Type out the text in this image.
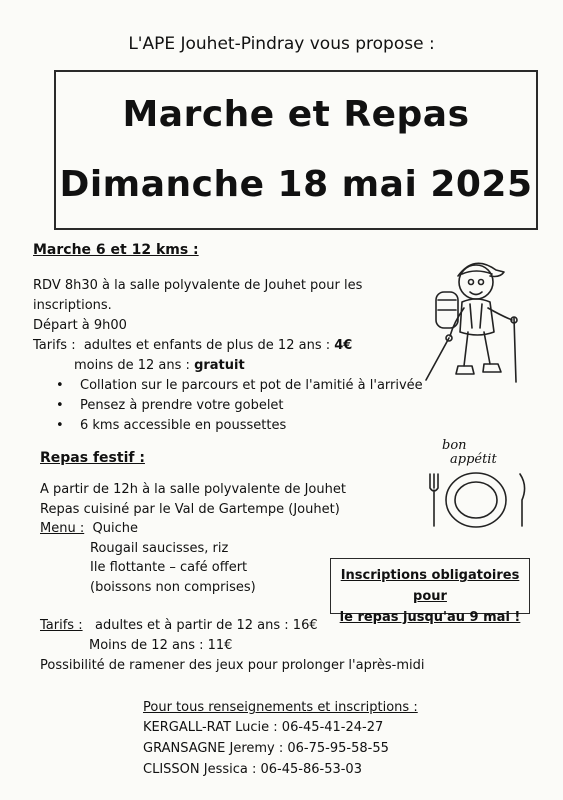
L'APE Jouhet-Pindray vous propose :

Marche et Repas

Dimanche 18 mai 2025

Marche 6 et 12 kms :

RDV 8h30 à la salle polyvalente de Jouhet pour les

inscriptions.

Départ à 9h00

Tarifs : adultes et enfants de plus de 12 ans : 4€

moins de 12 ans : gratuit

• Collation sur le parcours et pot de l'amitié à l'arrivée
• Pensez à prendre votre gobelet
• 6 kms accessible en poussettes

Repas festif :

A partir de 12h à la salle polyvalente de Jouhet

Repas cuisiné par le Val de Gartempe (Jouhet)

Menu : Quiche

Rougail saucisses, riz

Ile flottante – café offert

(boissons non comprises)

Tarifs : adultes et à partir de 12 ans : 16€

Moins de 12 ans : 11€

Possibilité de ramener des jeux pour prolonger l'après-midi

bon
appétit
Inscriptions obligatoires pour
le repas jusqu'au 9 mai !

Pour tous renseignements et inscriptions :

KERGALL-RAT Lucie : 06-45-41-24-27

GRANSAGNE Jeremy : 06-75-95-58-55

CLISSON Jessica : 06-45-86-53-03
